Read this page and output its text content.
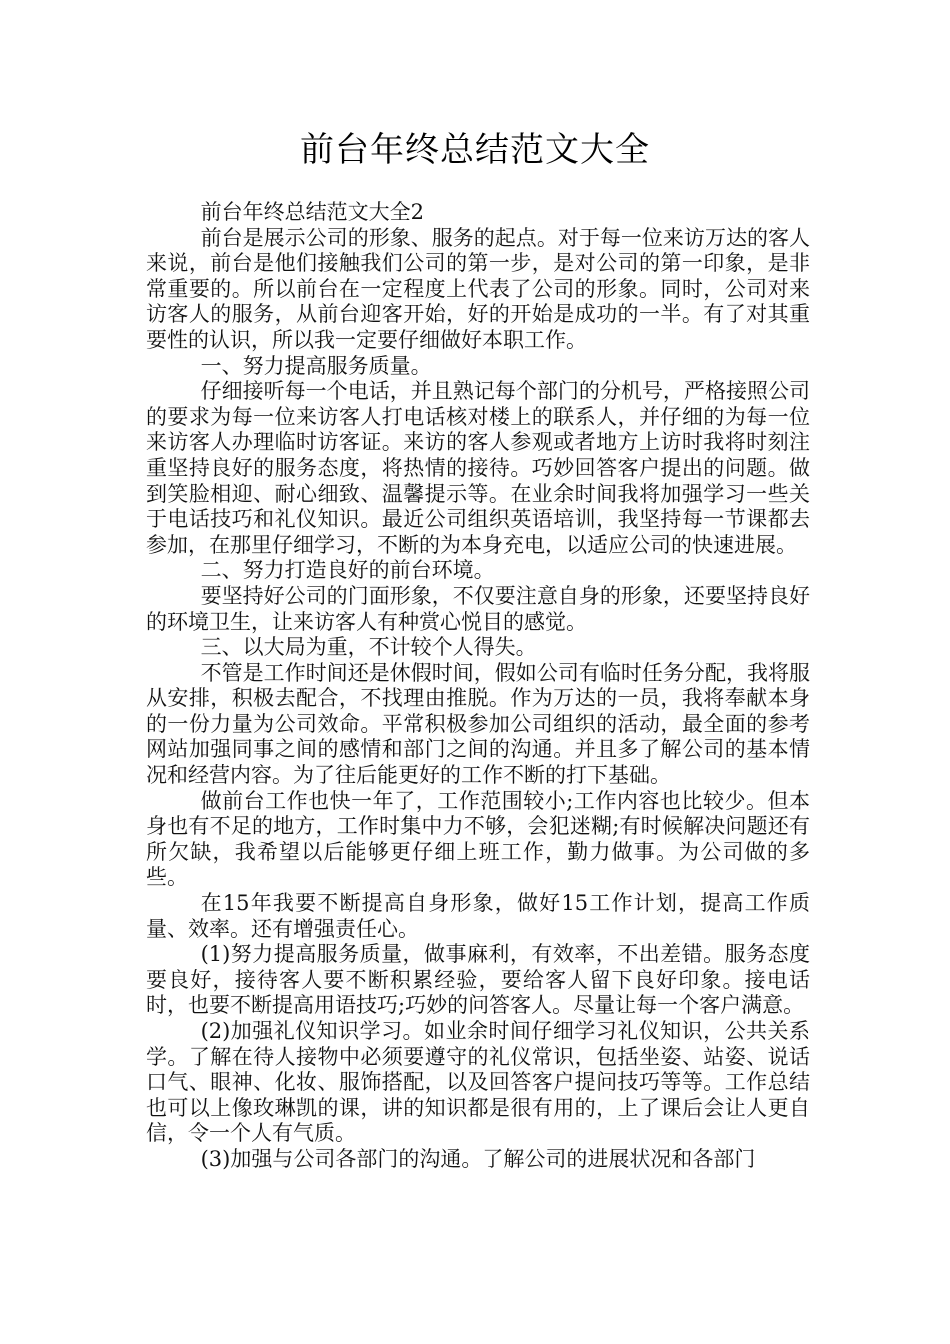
前台年终总结范文大全

前台年终总结范文大全2

前台是展示公司的形象、服务的起点。对于每一位来访万达的客人来说，前台是他们接触我们公司的第一步，是对公司的第一印象，是非常重要的。所以前台在一定程度上代表了公司的形象。同时，公司对来访客人的服务，从前台迎客开始，好的开始是成功的一半。有了对其重要性的认识，所以我一定要仔细做好本职工作。

一、努力提高服务质量。

仔细接听每一个电话，并且熟记每个部门的分机号，严格接照公司的要求为每一位来访客人打电话核对楼上的联系人，并仔细的为每一位来访客人办理临时访客证。来访的客人参观或者地方上访时我将时刻注重坚持良好的服务态度，将热情的接待。巧妙回答客户提出的问题。做到笑脸相迎、耐心细致、温馨提示等。在业余时间我将加强学习一些关于电话技巧和礼仪知识。最近公司组织英语培训，我坚持每一节课都去参加，在那里仔细学习，不断的为本身充电，以适应公司的快速进展。

二、努力打造良好的前台环境。

要坚持好公司的门面形象，不仅要注意自身的形象，还要坚持良好的环境卫生，让来访客人有种赏心悦目的感觉。

三、以大局为重，不计较个人得失。

不管是工作时间还是休假时间，假如公司有临时任务分配，我将服从安排，积极去配合，不找理由推脱。作为万达的一员，我将奉献本身的一份力量为公司效命。平常积极参加公司组织的活动，最全面的参考网站加强同事之间的感情和部门之间的沟通。并且多了解公司的基本情况和经营内容。为了往后能更好的工作不断的打下基础。

做前台工作也快一年了，工作范围较小;工作内容也比较少。但本身也有不足的地方，工作时集中力不够，会犯迷糊;有时候解决问题还有所欠缺，我希望以后能够更仔细上班工作，勤力做事。为公司做的多些。

在15年我要不断提高自身形象，做好15工作计划，提高工作质量、效率。还有增强责任心。

(1)努力提高服务质量，做事麻利，有效率，不出差错。服务态度要良好，接待客人要不断积累经验，要给客人留下良好印象。接电话时，也要不断提高用语技巧;巧妙的问答客人。尽量让每一个客户满意。

(2)加强礼仪知识学习。如业余时间仔细学习礼仪知识，公共关系学。了解在待人接物中必须要遵守的礼仪常识，包括坐姿、站姿、说话口气、眼神、化妆、服饰搭配，以及回答客户提问技巧等等。工作总结也可以上像玫琳凯的课，讲的知识都是很有用的，上了课后会让人更自信，令一个人有气质。

(3)加强与公司各部门的沟通。了解公司的进展状况和各部门
